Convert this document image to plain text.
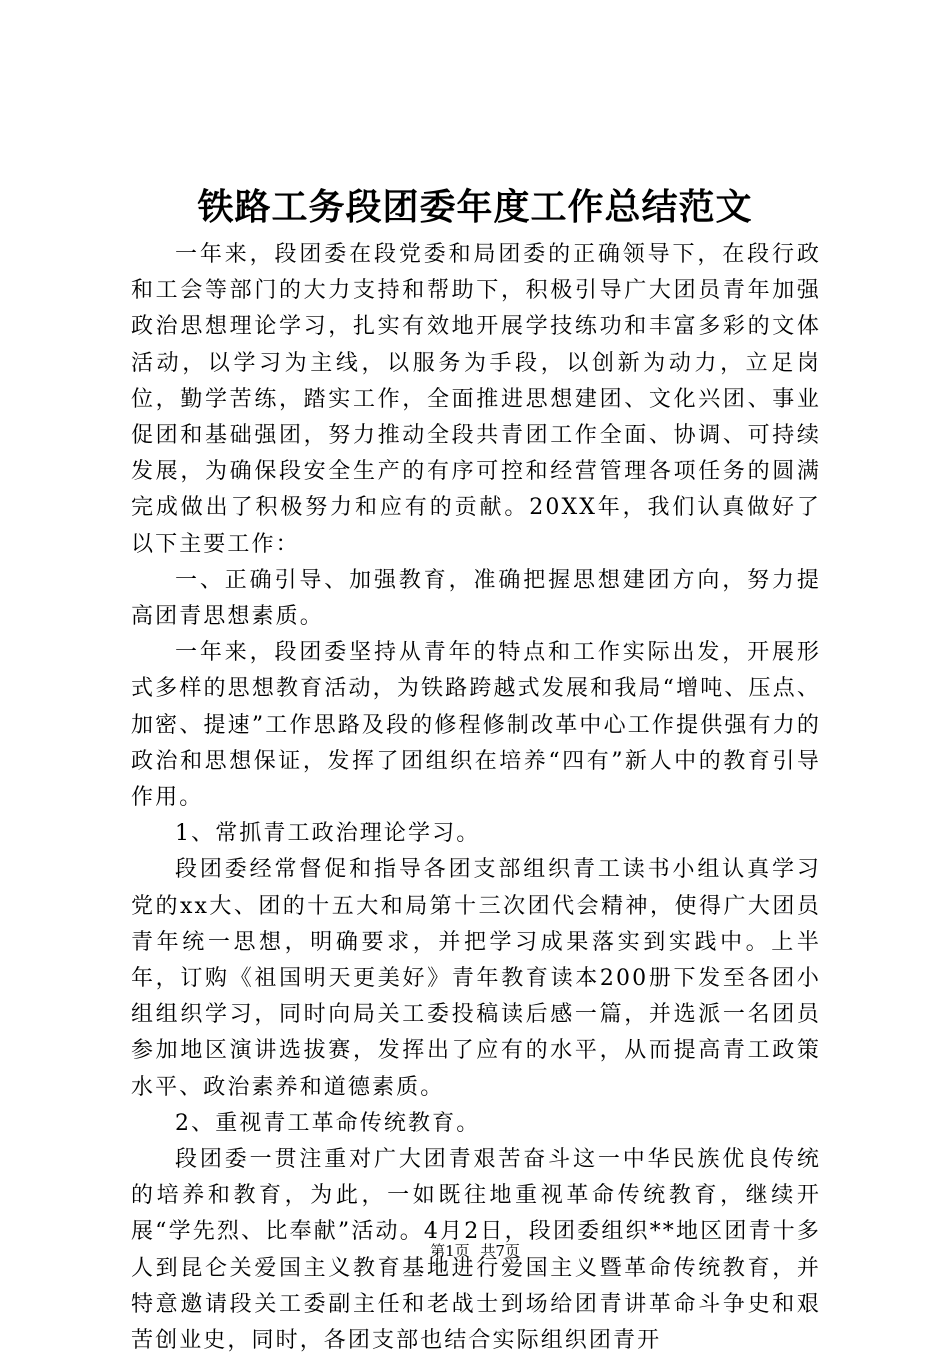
铁路工务段团委年度工作总结范文

一年来，段团委在段党委和局团委的正确领导下，在段行政和工会等部门的大力支持和帮助下，积极引导广大团员青年加强政治思想理论学习，扎实有效地开展学技练功和丰富多彩的文体活动，以学习为主线，以服务为手段，以创新为动力，立足岗位，勤学苦练，踏实工作，全面推进思想建团、文化兴团、事业促团和基础强团，努力推动全段共青团工作全面、协调、可持续发展，为确保段安全生产的有序可控和经营管理各项任务的圆满完成做出了积极努力和应有的贡献。20XX年，我们认真做好了以下主要工作：

一、正确引导、加强教育，准确把握思想建团方向，努力提高团青思想素质。

一年来，段团委坚持从青年的特点和工作实际出发，开展形式多样的思想教育活动，为铁路跨越式发展和我局“增吨、压点、加密、提速”工作思路及段的修程修制改革中心工作提供强有力的政治和思想保证，发挥了团组织在培养“四有”新人中的教育引导作用。

1、常抓青工政治理论学习。

段团委经常督促和指导各团支部组织青工读书小组认真学习党的xx大、团的十五大和局第十三次团代会精神，使得广大团员青年统一思想，明确要求，并把学习成果落实到实践中。上半年，订购《祖国明天更美好》青年教育读本200册下发至各团小组组织学习，同时向局关工委投稿读后感一篇，并选派一名团员参加地区演讲选拔赛，发挥出了应有的水平，从而提高青工政策水平、政治素养和道德素质。

2、重视青工革命传统教育。

段团委一贯注重对广大团青艰苦奋斗这一中华民族优良传统的培养和教育，为此，一如既往地重视革命传统教育，继续开展“学先烈、比奉献”活动。4月2日，段团委组织**地区团青十多人到昆仑关爱国主义教育基地进行爱国主义暨革命传统教育，并特意邀请段关工委副主任和老战士到场给团青讲革命斗争史和艰苦创业史，同时，各团支部也结合实际组织团青开

第1页 共7页
